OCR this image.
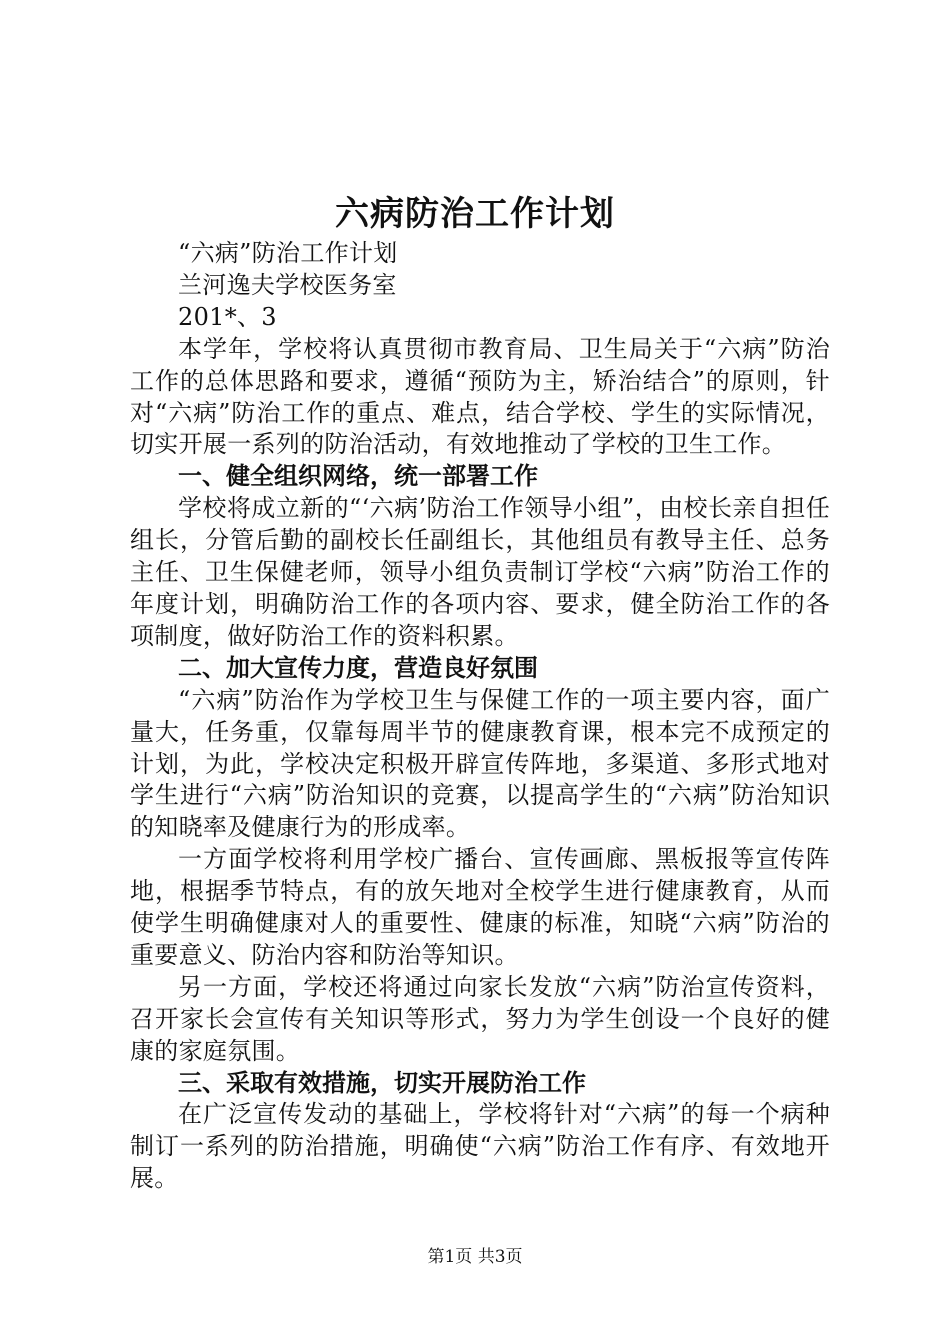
六病防治工作计划

“六病”防治工作计划

兰河逸夫学校医务室

201*、3

本学年，学校将认真贯彻市教育局、卫生局关于“六病”防治工作的总体思路和要求，遵循“预防为主，矫治结合”的原则，针对“六病”防治工作的重点、难点，结合学校、学生的实际情况，切实开展一系列的防治活动，有效地推动了学校的卫生工作。

一、健全组织网络，统一部署工作

学校将成立新的“‘六病’防治工作领导小组”，由校长亲自担任组长，分管后勤的副校长任副组长，其他组员有教导主任、总务主任、卫生保健老师，领导小组负责制订学校“六病”防治工作的年度计划，明确防治工作的各项内容、要求，健全防治工作的各项制度，做好防治工作的资料积累。

二、加大宣传力度，营造良好氛围

“六病”防治作为学校卫生与保健工作的一项主要内容，面广量大，任务重，仅靠每周半节的健康教育课，根本完不成预定的计划，为此，学校决定积极开辟宣传阵地，多渠道、多形式地对学生进行“六病”防治知识的竞赛，以提高学生的“六病”防治知识的知晓率及健康行为的形成率。

一方面学校将利用学校广播台、宣传画廊、黑板报等宣传阵地，根据季节特点，有的放矢地对全校学生进行健康教育，从而使学生明确健康对人的重要性、健康的标准，知晓“六病”防治的重要意义、防治内容和防治等知识。

另一方面，学校还将通过向家长发放“六病”防治宣传资料，召开家长会宣传有关知识等形式，努力为学生创设一个良好的健康的家庭氛围。

三、采取有效措施，切实开展防治工作

在广泛宣传发动的基础上，学校将针对“六病”的每一个病种制订一系列的防治措施，明确使“六病”防治工作有序、有效地开展。

第1页 共3页
